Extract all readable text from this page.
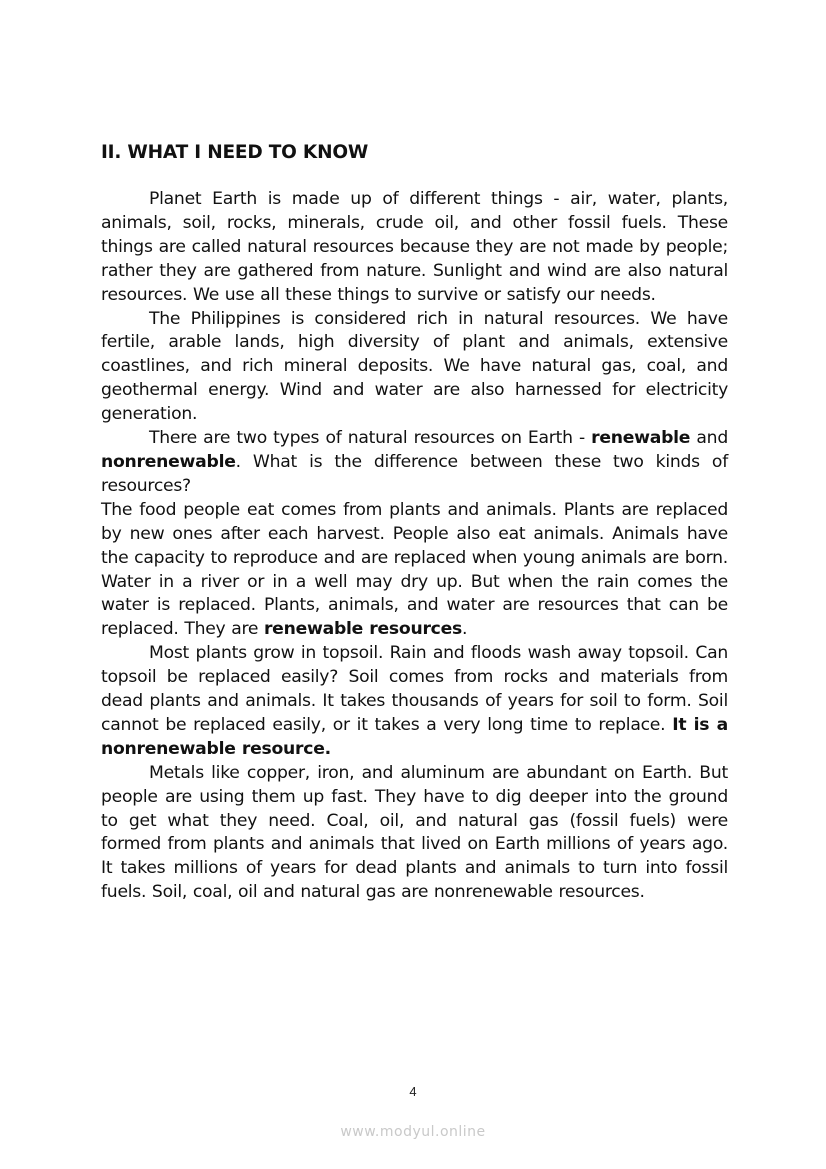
II. WHAT I NEED TO KNOW

Planet Earth is made up of different things - air, water, plants, animals, soil, rocks, minerals, crude oil, and other fossil fuels. These things are called natural resources because they are not made by people; rather they are gathered from nature. Sunlight and wind are also natural resources. We use all these things to survive or satisfy our needs.

The Philippines is considered rich in natural resources. We have fertile, arable lands, high diversity of plant and animals, extensive coastlines, and rich mineral deposits. We have natural gas, coal, and geothermal energy. Wind and water are also harnessed for electricity generation.

There are two types of natural resources on Earth - renewable and nonrenewable. What is the difference between these two kinds of resources?

The food people eat comes from plants and animals. Plants are replaced by new ones after each harvest. People also eat animals. Animals have the capacity to reproduce and are replaced when young animals are born. Water in a river or in a well may dry up. But when the rain comes the water is replaced. Plants, animals, and water are resources that can be replaced. They are renewable resources.

Most plants grow in topsoil. Rain and floods wash away topsoil. Can topsoil be replaced easily? Soil comes from rocks and materials from dead plants and animals. It takes thousands of years for soil to form. Soil cannot be replaced easily, or it takes a very long time to replace. It is a nonrenewable resource.

Metals like copper, iron, and aluminum are abundant on Earth. But people are using them up fast. They have to dig deeper into the ground to get what they need. Coal, oil, and natural gas (fossil fuels) were formed from plants and animals that lived on Earth millions of years ago. It takes millions of years for dead plants and animals to turn into fossil fuels. Soil, coal, oil and natural gas are nonrenewable resources.

4
www.modyul.online
